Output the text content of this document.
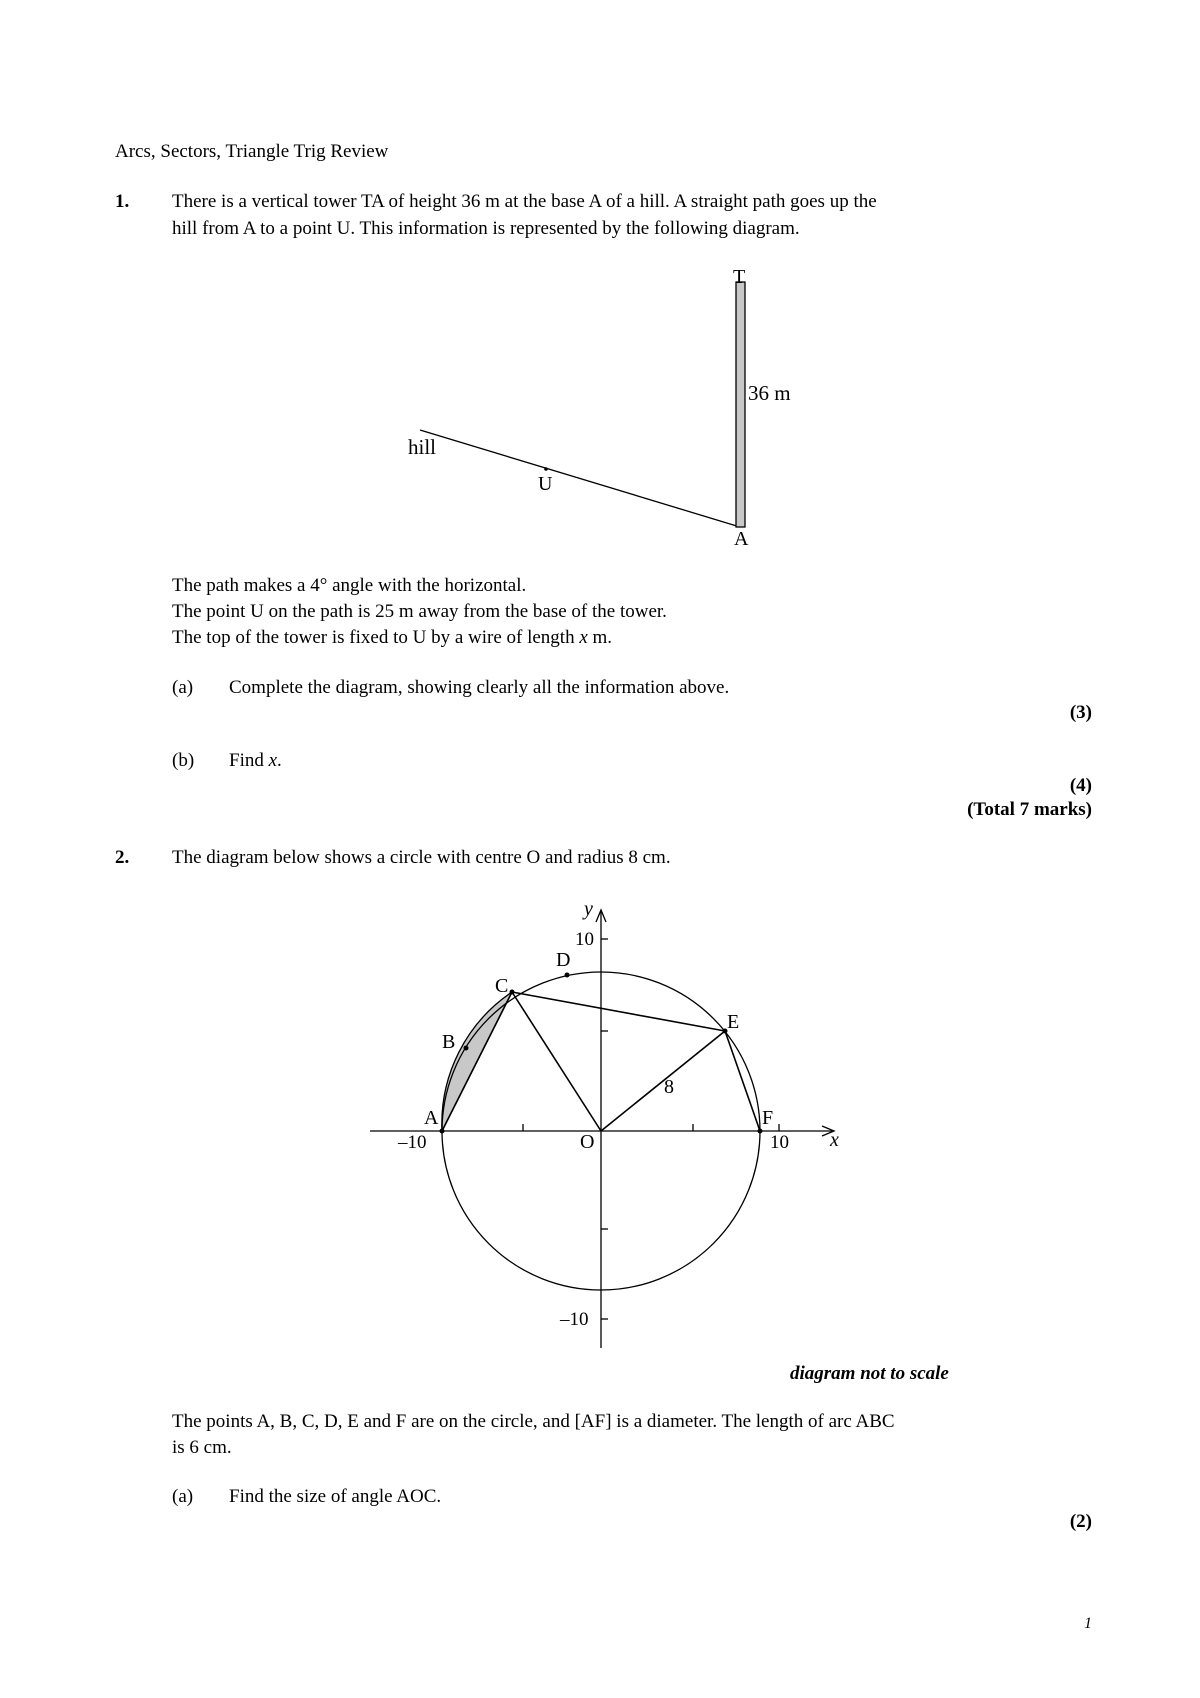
Arcs, Sectors, Triangle Trig Review
1. There is a vertical tower TA of height 36 m at the base A of a hill. A straight path goes up the
hill from A to a point U. This information is represented by the following diagram.
T
36 m
hill
U
A
The path makes a 4° angle with the horizontal.
The point U on the path is 25 m away from the base of the tower.
The top of the tower is fixed to U by a wire of length x m.
(a) Complete the diagram, showing clearly all the information above.
(3)
(b) Find x.
(4)
(Total 7 marks)
2. The diagram below shows a circle with centre O and radius 8 cm.
y
x
10
–10
–10	10
O
A
B
C
D
E
F
8
diagram not to scale
The points A, B, C, D, E and F are on the circle, and [AF] is a diameter. The length of arc ABC
is 6 cm.
(a) Find the size of angle AOC.
(2)
1
